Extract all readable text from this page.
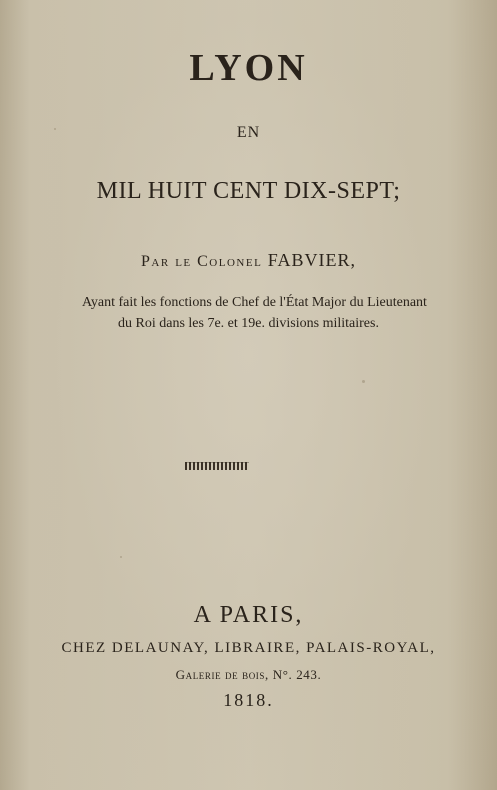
LYON
EN
MIL HUIT CENT DIX-SEPT;
Par le Colonel FABVIER,
Ayant fait les fonctions de Chef de l'État Major du Lieutenant
du Roi dans les 7e. et 19e. divisions militaires.
A PARIS,
CHEZ DELAUNAY, LIBRAIRE, PALAIS-ROYAL,
Galerie de bois, N°. 243.
1818.
